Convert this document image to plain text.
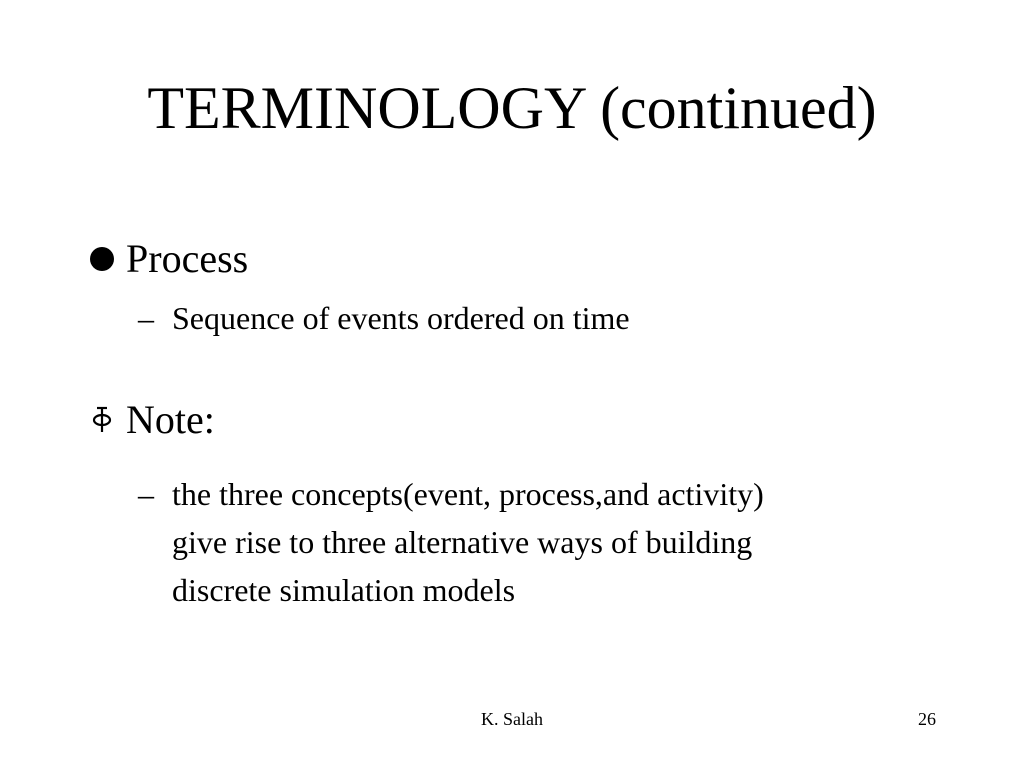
TERMINOLOGY (continued)
Process
– Sequence of events ordered on time
Note:
– the three concepts(event, process,and activity)
give rise to three alternative ways of building
discrete simulation models
K. Salah	26
